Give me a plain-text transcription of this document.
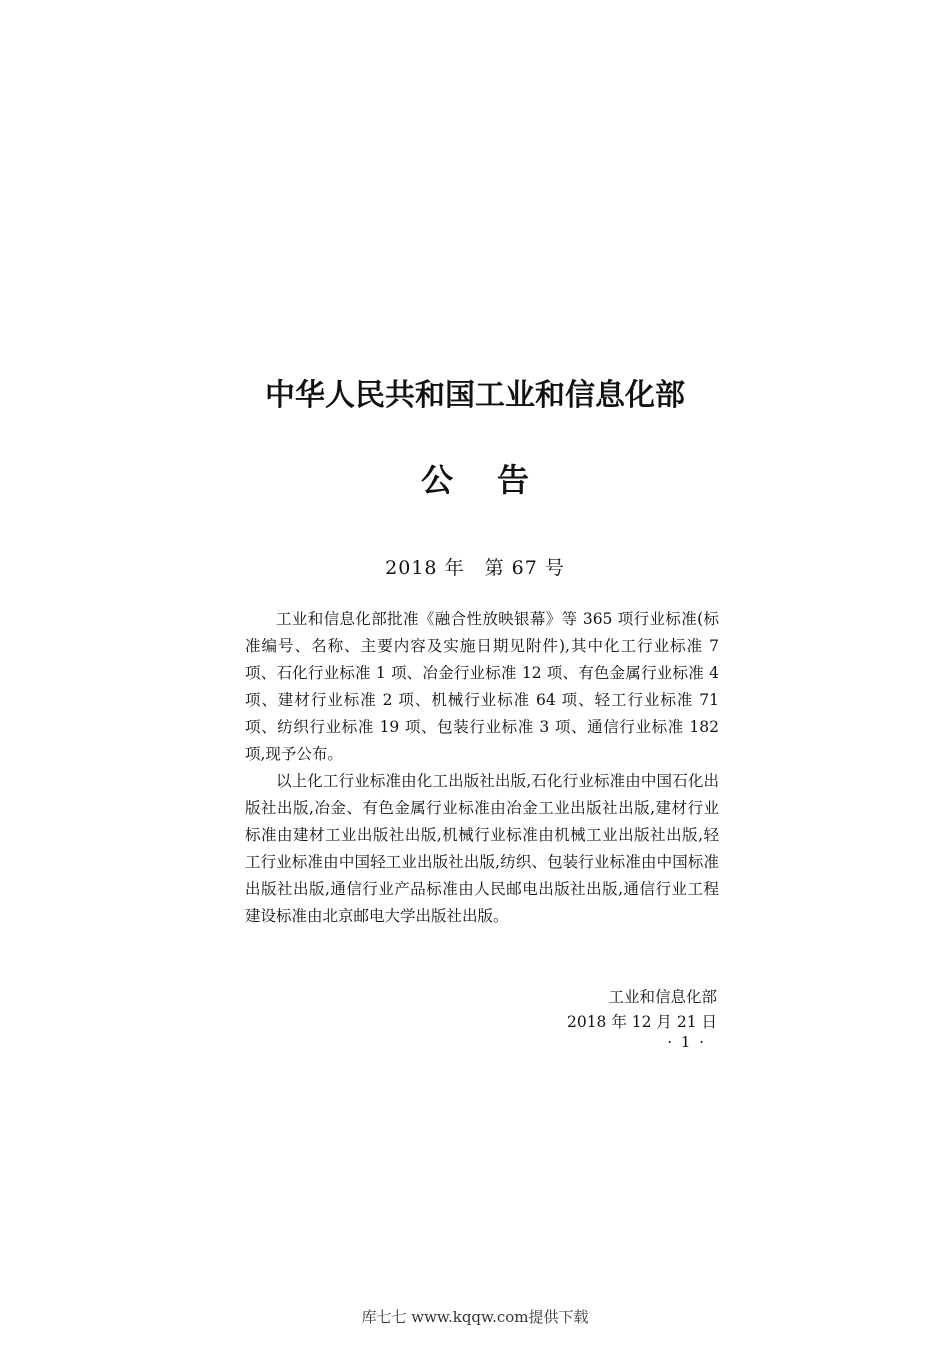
中华人民共和国工业和信息化部
公告
2018 年　第 67 号

工业和信息化部批准《融合性放映银幕》等 365 项行业标准(标准编号、名称、主要内容及实施日期见附件),其中化工行业标准 7 项、石化行业标准 1 项、冶金行业标准 12 项、有色金属行业标准 4 项、建材行业标准 2 项、机械行业标准 64 项、轻工行业标准 71 项、纺织行业标准 19 项、包装行业标准 3 项、通信行业标准 182 项,现予公布。

以上化工行业标准由化工出版社出版,石化行业标准由中国石化出版社出版,冶金、有色金属行业标准由冶金工业出版社出版,建材行业标准由建材工业出版社出版,机械行业标准由机械工业出版社出版,轻工行业标准由中国轻工业出版社出版,纺织、包装行业标准由中国标准出版社出版,通信行业产品标准由人民邮电出版社出版,通信行业工程建设标准由北京邮电大学出版社出版。

工业和信息化部
2018 年 12 月 21 日
· 1 ·
库七七 www.kqqw.com提供下载
